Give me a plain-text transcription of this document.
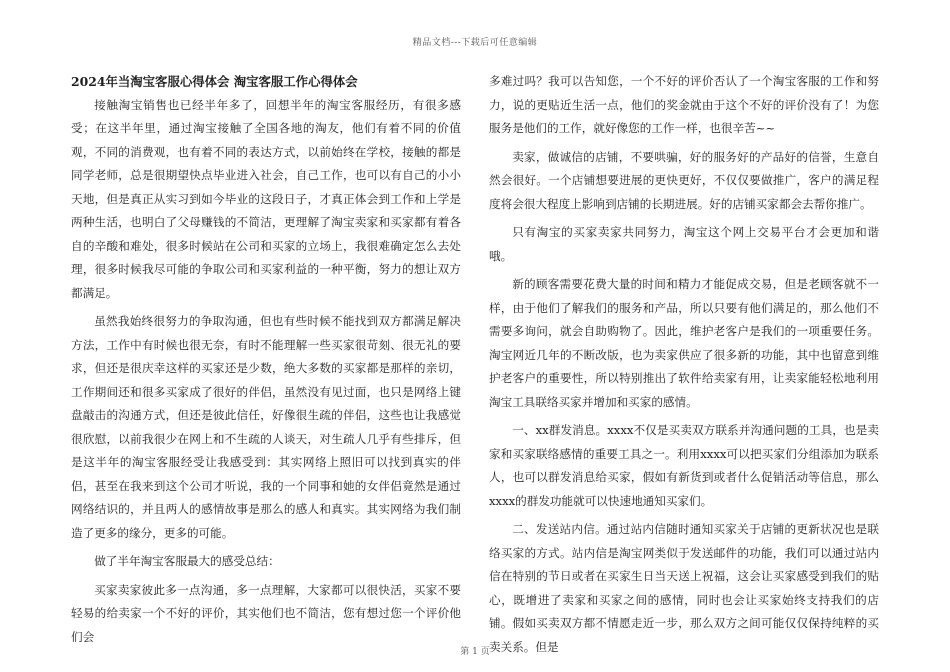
精品文档---下载后可任意编辑
2024年当淘宝客服心得体会 淘宝客服工作心得体会

接触淘宝销售也已经半年多了，回想半年的淘宝客服经历，有很多感受；在这半年里，通过淘宝接触了全国各地的淘友，他们有着不同的价值观，不同的消费观，也有着不同的表达方式，以前始终在学校，接触的都是同学老师，总是很期望快点毕业进入社会，自己工作，也可以有自己的小小天地，但是真正从实习到如今毕业的这段日子，才真正体会到工作和上学是两种生活，也明白了父母赚钱的不简洁，更理解了淘宝卖家和买家都有着各自的辛酸和难处，很多时候站在公司和买家的立场上，我很难确定怎么去处理，很多时候我尽可能的争取公司和买家利益的一种平衡，努力的想让双方都满足。

虽然我始终很努力的争取沟通，但也有些时候不能找到双方都满足解决方法，工作中有时候也很无奈，有时不能理解一些买家很苛刻、很无礼的要求，但还是很庆幸这样的买家还是少数，绝大多数的买家都是那样的亲切，工作期间还和很多买家成了很好的伴侣，虽然没有见过面，也只是网络上键盘敲击的沟通方式，但还是彼此信任，好像很生疏的伴侣，这些也让我感觉很欣慰，以前我很少在网上和不生疏的人谈天，对生疏人几乎有些排斥，但是这半年的淘宝客服经受让我感受到：其实网络上照旧可以找到真实的伴侣，甚至在我来到这个公司才听说，我的一个同事和她的女伴侣竟然是通过网络结识的，并且两人的感情故事是那么的感人和真实。其实网络为我们制造了更多的缘分，更多的可能。

做了半年淘宝客服最大的感受总结：

买家卖家彼此多一点沟通，多一点理解，大家都可以很快活，买家不要轻易的给卖家一个不好的评价，其实他们也不简洁，您有想过您一个评价他们会

多难过吗？我可以告知您，一个不好的评价否认了一个淘宝客服的工作和努力，说的更贴近生活一点，他们的奖金就由于这个不好的评价没有了！为您服务是他们的工作，就好像您的工作一样，也很辛苦~~

卖家，做诚信的店铺，不要哄骗，好的服务好的产品好的信誉，生意自然会很好。一个店铺想要进展的更快更好，不仅仅要做推广，客户的满足程度将会很大程度上影响到店铺的长期进展。好的店铺买家都会去帮你推广。

只有淘宝的买家卖家共同努力，淘宝这个网上交易平台才会更加和谐哦。

新的顾客需要花费大量的时间和精力才能促成交易，但是老顾客就不一样，由于他们了解我们的服务和产品，所以只要有他们满足的，那么他们不需要多询问，就会自助购物了。因此，维护老客户是我们的一项重要任务。淘宝网近几年的不断改版，也为卖家供应了很多新的功能，其中也留意到维护老客户的重要性，所以特别推出了软件给卖家有用，让卖家能轻松地利用淘宝工具联络买家并增加和买家的感情。

一、xx群发消息。xxxx不仅是买卖双方联系并沟通问题的工具，也是卖家和买家联络感情的重要工具之一。利用xxxx可以把买家们分组添加为联系人，也可以群发消息给买家，假如有新货到或者什么促销活动等信息，那么xxxx的群发功能就可以快速地通知买家们。

二、发送站内信。通过站内信随时通知买家关于店铺的更新状况也是联络买家的方式。站内信是淘宝网类似于发送邮件的功能，我们可以通过站内信在特别的节日或者在买家生日当天送上祝福，这会让买家感受到我们的贴心，既增进了卖家和买家之间的感情，同时也会让买家始终支持我们的店铺。假如买卖双方都不情愿走近一步，那么双方之间可能仅仅保持纯粹的买卖关系。但是

第 1 页
